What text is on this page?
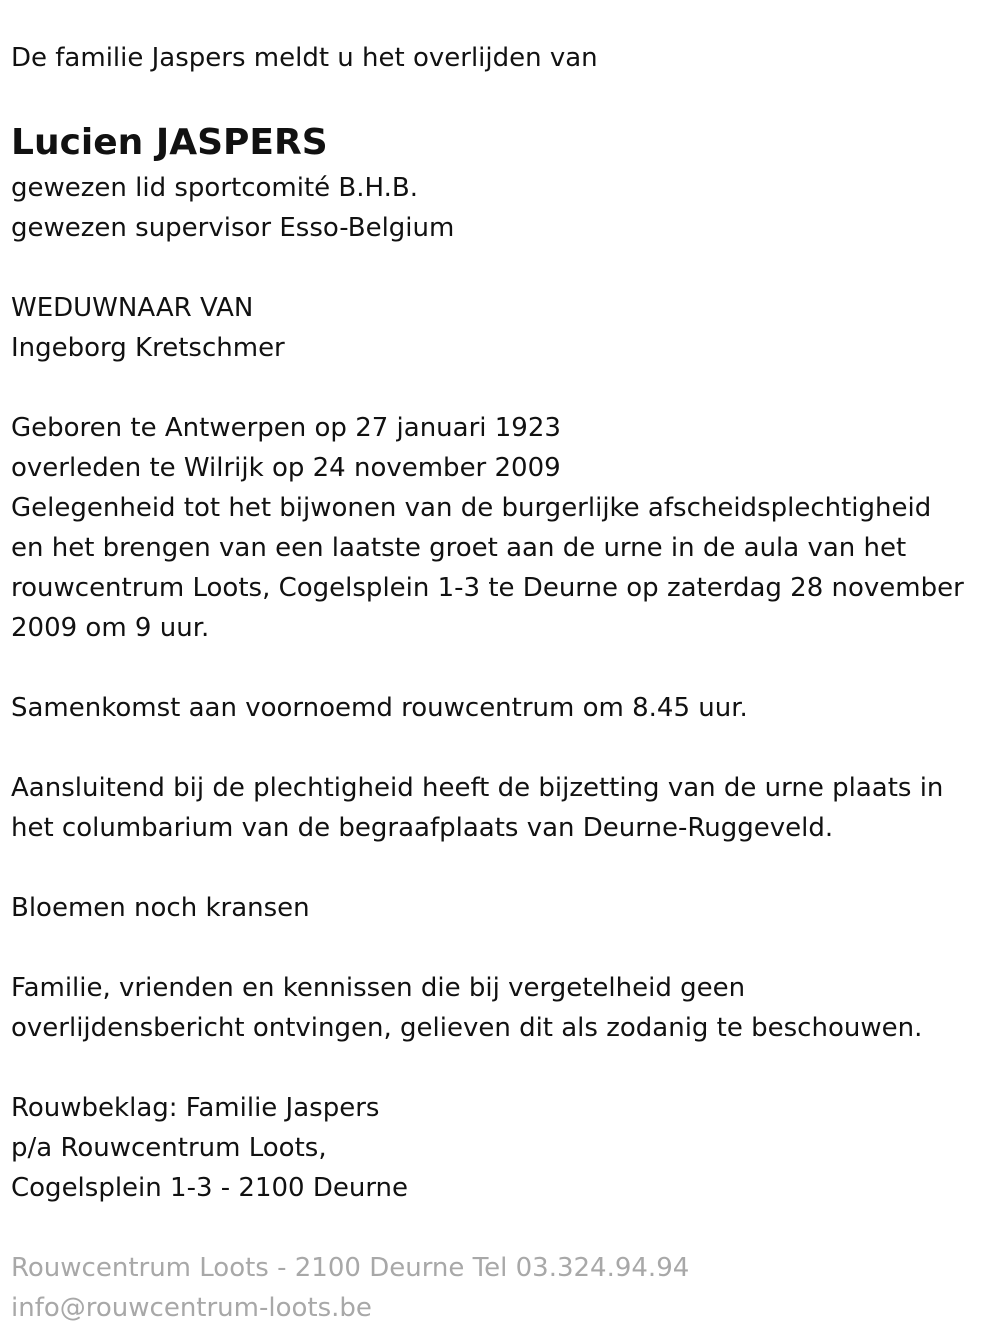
De familie Jaspers meldt u het overlijden van
Lucien JASPERS
gewezen lid sportcomité B.H.B.
gewezen supervisor Esso-Belgium
WEDUWNAAR VAN
Ingeborg Kretschmer
Geboren te Antwerpen op 27 januari 1923
overleden te Wilrijk op 24 november 2009
Gelegenheid tot het bijwonen van de burgerlijke afscheidsplechtigheid
en het brengen van een laatste groet aan de urne in de aula van het
rouwcentrum Loots, Cogelsplein 1-3 te Deurne op zaterdag 28 november
2009 om 9 uur.
Samenkomst aan voornoemd rouwcentrum om 8.45 uur.
Aansluitend bij de plechtigheid heeft de bijzetting van de urne plaats in
het columbarium van de begraafplaats van Deurne-Ruggeveld.
Bloemen noch kransen
Familie, vrienden en kennissen die bij vergetelheid geen
overlijdensbericht ontvingen, gelieven dit als zodanig te beschouwen.
Rouwbeklag: Familie Jaspers
p/a Rouwcentrum Loots,
Cogelsplein 1-3 - 2100 Deurne
Rouwcentrum Loots - 2100 Deurne Tel 03.324.94.94
info@rouwcentrum-loots.be
